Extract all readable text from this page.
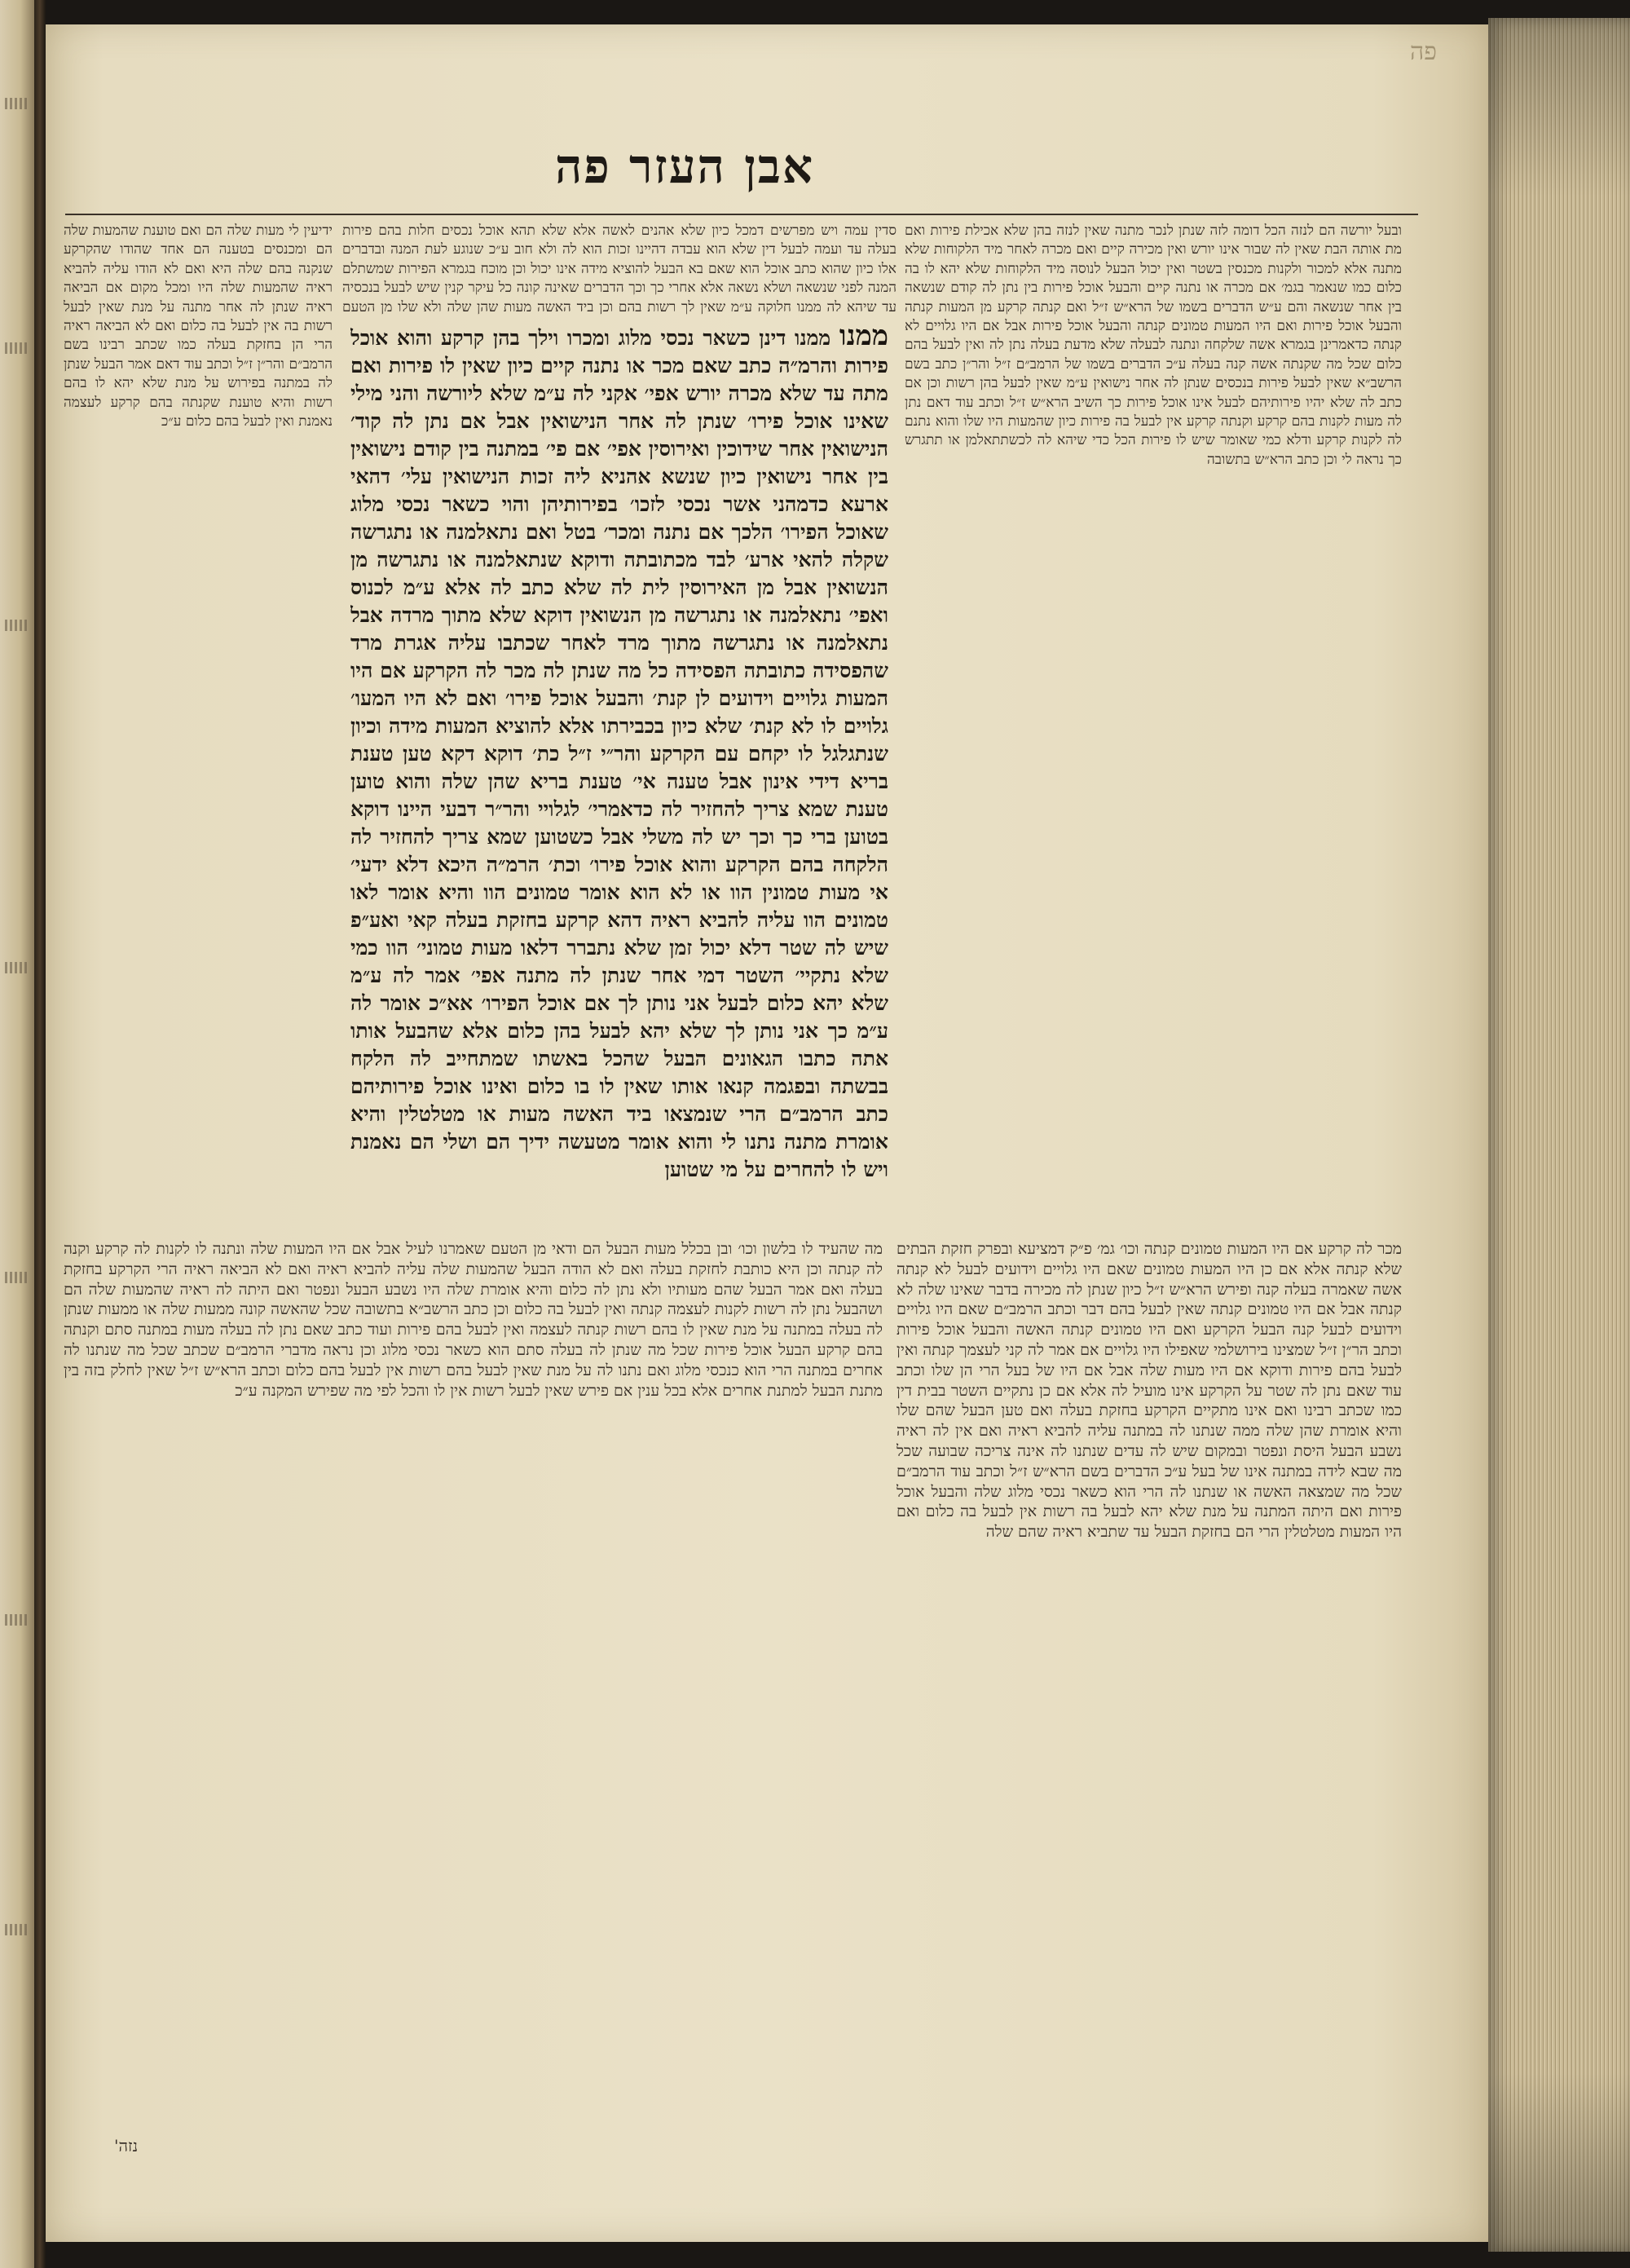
פה
אבן העזר פה
ובעל יורשה הם לנזה הכל דומה לזה שנתן לנכר מתנה שאין לנזה בהן שלא אכילת פירות ואם מת אותה הבת שאין לה שבור אינו יורש ואין מכירה קיים ואם מכרה לאחר מיד הלקוחות שלא מתנה אלא למכור ולקנות מכנסין בשטר ואין יכול הבעל לנוסה מיד הלקוחות שלא יהא לו בה כלום כמו שנאמר בגמ׳ אם מכרה או נתנה קיים והבעל אוכל פירות בין נתן לה קודם שנשאה בין אחר שנשאה והם ע״ש הדברים בשמו של הרא״ש ז״ל ואם קנתה קרקע מן המעות קנתה והבעל אוכל פירות ואם היו המעות טמונים קנתה והבעל אוכל פירות אבל אם היו גלויים לא קנתה כדאמרינן בגמרא אשה שלקחה ונתנה לבעלה שלא מדעת בעלה נתן לה ואין לבעל בהם כלום שכל מה שקנתה אשה קנה בעלה ע״כ הדברים בשמו של הרמב״ם ז״ל והר״ן כתב בשם הרשב״א שאין לבעל פירות בנכסים שנתן לה אחר נישואין ע״מ שאין לבעל בהן רשות וכן אם כתב לה שלא יהיו פירותיהם לבעל אינו אוכל פירות כך השיב הרא״ש ז״ל וכתב עוד דאם נתן לה מעות לקנות בהם קרקע וקנתה קרקע אין לבעל בה פירות כיון שהמעות היו שלו והוא נתנם לה לקנות קרקע ודלא כמי שאומר שיש לו פירות הכל כדי שיהא לה לכשתתאלמן או תתגרש כך נראה לי וכן כתב הרא״ש בתשובה
ממנו ממנו דינן כשאר נכסי מלוג ומכרו וילך בהן קרקע והוא אוכל פירות והרמ״ה כתב שאם מכר או נתנה קיים כיון שאין לו פירות ואם מתה עד שלא מכרה יורש אפי׳ אקני לה ע״מ שלא ליורשה והני מילי שאינו אוכל פירו׳ שנתן לה אחר הנישואין אבל אם נתן לה קוד׳ הנישואין אחר שידוכין ואירוסין אפי׳ אם פי׳ במתנה בין קודם נישואין בין אחר נישואין כיון שנשא אהניא ליה זכות הנישואין עלי׳ דהאי ארעא כדמהני אשר נכסי לזכו׳ בפירותיהן והוי כשאר נכסי מלוג שאוכל הפירו׳ הלכך אם נתנה ומכר׳ בטל ואם נתאלמנה או נתגרשה שקלה להאי ארע׳ לבד מכתובתה ודוקא שנתאלמנה או נתגרשה מן הנשואין אבל מן האירוסין לית לה שלא כתב לה אלא ע״מ לכנוס ואפי׳ נתאלמנה או נתגרשה מן הנשואין דוקא שלא מתוך מרדה אבל נתאלמנה או נתגרשה מתוך מרד לאחר שכתבו עליה אגרת מרד שהפסידה כתובתה הפסידה כל מה שנתן לה מכר לה הקרקע אם היו המעות גלויים וידועים לן קנת׳ והבעל אוכל פירו׳ ואם לא היו המעו׳ גלויים לו לא קנת׳ שלא כיון בכבירתו אלא להוציא המעות מידה וכיון שנתגלגל לו יקחם עם הקרקע והר״י ז״ל כת׳ דוקא דקא טען טענת בריא דידי אינון אבל טענה אי׳ טענת בריא שהן שלה והוא טוען טענת שמא צריך להחזיר לה כדאמרי׳ לגלויי והר״ר דבעי היינו דוקא בטוען ברי כך וכך יש לה משלי אבל כשטוען שמא צריך להחזיר לה הלקחה בהם הקרקע והוא אוכל פירו׳ וכת׳ הרמ״ה היכא דלא ידעי׳ אי מעות טמונין הוו או לא הוא אומר טמונים הוו והיא אומר לאו טמונים הוו עליה להביא ראיה דהא קרקע בחזקת בעלה קאי ואע״פ שיש לה שטר דלא יכול זמן שלא נתברר דלאו מעות טמוני׳ הוו כמי שלא נתקיי׳ השטר דמי אחר שנתן לה מתנה אפי׳ אמר לה ע״מ שלא יהא כלום לבעל אני נותן לך אם אוכל הפירו׳ אא״כ אומר לה ע״מ כך אני נותן לך שלא יהא לבעל בהן כלום אלא שהבעל אותו אתה כתבו הגאונים הבעל שהכל באשתו שמתחייב לה הלקח בבשתה ובפגמה קנאו אותו שאין לו בו כלום ואינו אוכל פירותיהם כתב הרמב״ם הרי שנמצאו ביד האשה מעות או מטלטלין והיא אומרת מתנה נתנו לי והוא אומר מטעשה ידיך הם ושלי הם נאמנת ויש לו להחרים על מי שטוען
סדין עמה ויש מפרשים דמכל כיון שלא אהנים לאשה אלא שלא תהא אוכל נכסים חלות בהם פירות בעלה עד ועמה לבעל דין שלא הוא עבדה דהיינו זכות הוא לה ולא חוב ע״כ שנוגע לעת המנה ובדברים אלו כיון שהוא כתב אוכל הוא שאם בא הבעל להוציא מידה אינו יכול וכן מוכח בגמרא הפירות שמשתלם המנה לפני שנשאה ושלא נשאה אלא אחרי כך וכך הדברים שאינה קונה כל עיקר קנין שיש לבעל בנכסיה עד שיהא לה ממנו חלוקה ע״מ שאין לך רשות בהם וכן ביד האשה מעות שהן שלה ולא שלו מן הטעם
ידיעין לי מעות שלה הם ואם טוענת שהמעות שלה הם ומכנסים בטענה הם אחד שהודו שהקרקע שנקנה בהם שלה היא ואם לא הודו עליה להביא ראיה שהמעות שלה היו ומכל מקום אם הביאה ראיה שנתן לה אחר מתנה על מנת שאין לבעל רשות בה אין לבעל בה כלום ואם לא הביאה ראיה הרי הן בחזקת בעלה כמו שכתב רבינו בשם הרמב״ם והר״ן ז״ל וכתב עוד דאם אמר הבעל שנתן לה במתנה בפירוש על מנת שלא יהא לו בהם רשות והיא טוענת שקנתה בהם קרקע לעצמה נאמנת ואין לבעל בהם כלום ע״כ
מכר לה קרקע אם היו המעות טמונים קנתה וכו׳ גמ׳ פ״ק דמציעא ובפרק חזקת הבתים שלא קנתה אלא אם כן היו המעות טמונים שאם היו גלויים וידועים לבעל לא קנתה אשה שאמרה בעלה קנה ופירש הרא״ש ז״ל כיון שנתן לה מכירה בדבר שאינו שלה לא קנתה אבל אם היו טמונים קנתה שאין לבעל בהם דבר וכתב הרמב״ם שאם היו גלויים וידועים לבעל קנה הבעל הקרקע ואם היו טמונים קנתה האשה והבעל אוכל פירות וכתב הר״ן ז״ל שמצינו בירושלמי שאפילו היו גלויים אם אמר לה קני לעצמך קנתה ואין לבעל בהם פירות ודוקא אם היו מעות שלה אבל אם היו של בעל הרי הן שלו וכתב עוד שאם נתן לה שטר על הקרקע אינו מועיל לה אלא אם כן נתקיים השטר בבית דין כמו שכתב רבינו ואם אינו מתקיים הקרקע בחזקת בעלה ואם טען הבעל שהם שלו והיא אומרת שהן שלה ממה שנתנו לה במתנה עליה להביא ראיה ואם אין לה ראיה נשבע הבעל היסת ונפטר ובמקום שיש לה עדים שנתנו לה אינה צריכה שבועה שכל מה שבא לידה במתנה אינו של בעל ע״כ הדברים בשם הרא״ש ז״ל וכתב עוד הרמב״ם שכל מה שמצאה האשה או שנתנו לה הרי הוא כשאר נכסי מלוג שלה והבעל אוכל פירות ואם היתה המתנה על מנת שלא יהא לבעל בה רשות אין לבעל בה כלום ואם היו המעות מטלטלין הרי הם בחזקת הבעל עד שתביא ראיה שהם שלה
מה שהעיד לו בלשון וכו׳ ובן בכלל מעות הבעל הם ודאי מן הטעם שאמרנו לעיל אבל אם היו המעות שלה ונתנה לו לקנות לה קרקע וקנה לה קנתה וכן היא כותבת לחזקת בעלה ואם לא הודה הבעל שהמעות שלה עליה להביא ראיה ואם לא הביאה ראיה הרי הקרקע בחזקת בעלה ואם אמר הבעל שהם מעותיו ולא נתן לה כלום והיא אומרת שלה היו נשבע הבעל ונפטר ואם היתה לה ראיה שהמעות שלה הם ושהבעל נתן לה רשות לקנות לעצמה קנתה ואין לבעל בה כלום וכן כתב הרשב״א בתשובה שכל שהאשה קונה ממעות שלה או ממעות שנתן לה בעלה במתנה על מנת שאין לו בהם רשות קנתה לעצמה ואין לבעל בהם פירות ועוד כתב שאם נתן לה בעלה מעות במתנה סתם וקנתה בהם קרקע הבעל אוכל פירות שכל מה שנתן לה בעלה סתם הוא כשאר נכסי מלוג וכן נראה מדברי הרמב״ם שכתב שכל מה שנתנו לה אחרים במתנה הרי הוא כנכסי מלוג ואם נתנו לה על מנת שאין לבעל בהם רשות אין לבעל בהם כלום וכתב הרא״ש ז״ל שאין לחלק בזה בין מתנת הבעל למתנת אחרים אלא בכל ענין אם פירש שאין לבעל רשות אין לו והכל לפי מה שפירש המקנה ע״כ
נזה'
